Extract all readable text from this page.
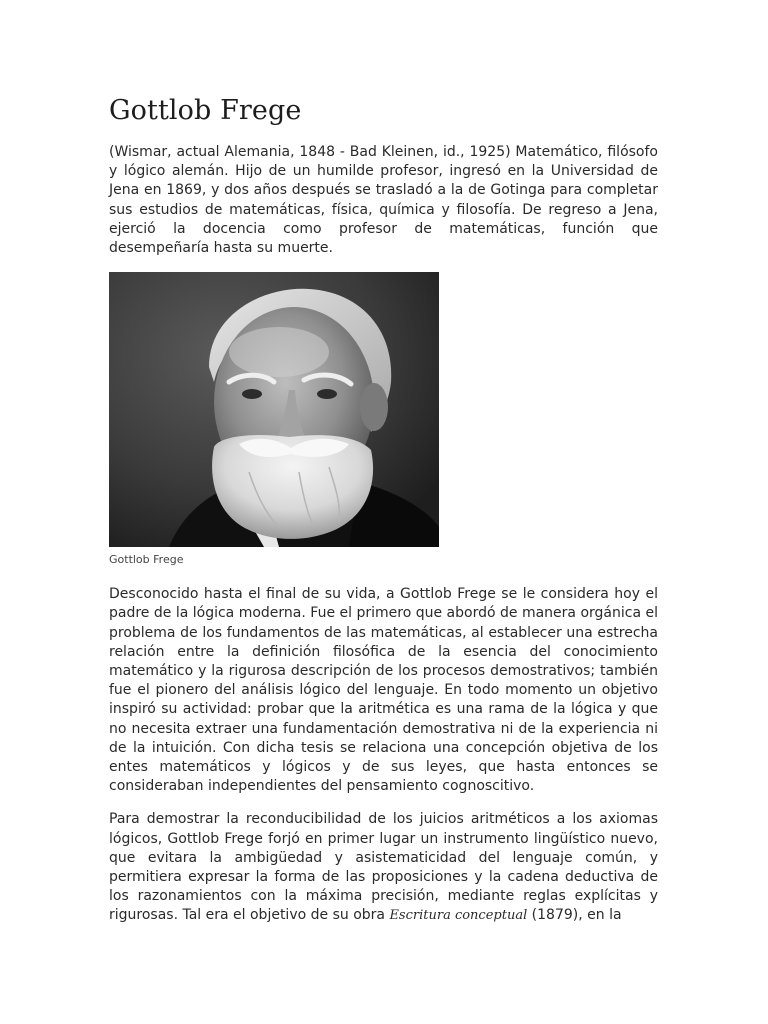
Gottlob Frege

(Wismar, actual Alemania, 1848 - Bad Kleinen, id., 1925) Matemático, filósofo y lógico alemán. Hijo de un humilde profesor, ingresó en la Universidad de Jena en 1869, y dos años después se trasladó a la de Gotinga para completar sus estudios de matemáticas, física, química y filosofía. De regreso a Jena, ejerció la docencia como profesor de matemáticas, función que desempeñaría hasta su muerte.

Gottlob Frege

Desconocido hasta el final de su vida, a Gottlob Frege se le considera hoy el padre de la lógica moderna. Fue el primero que abordó de manera orgánica el problema de los fundamentos de las matemáticas, al establecer una estrecha relación entre la definición filosófica de la esencia del conocimiento matemático y la rigurosa descripción de los procesos demostrativos; también fue el pionero del análisis lógico del lenguaje. En todo momento un objetivo inspiró su actividad: probar que la aritmética es una rama de la lógica y que no necesita extraer una fundamentación demostrativa ni de la experiencia ni de la intuición. Con dicha tesis se relaciona una concepción objetiva de los entes matemáticos y lógicos y de sus leyes, que hasta entonces se consideraban independientes del pensamiento cognoscitivo.

Para demostrar la reconducibilidad de los juicios aritméticos a los axiomas lógicos, Gottlob Frege forjó en primer lugar un instrumento lingüístico nuevo, que evitara la ambigüedad y asistematicidad del lenguaje común, y permitiera expresar la forma de las proposiciones y la cadena deductiva de los razonamientos con la máxima precisión, mediante reglas explícitas y rigurosas. Tal era el objetivo de su obra Escritura conceptual (1879), en la
